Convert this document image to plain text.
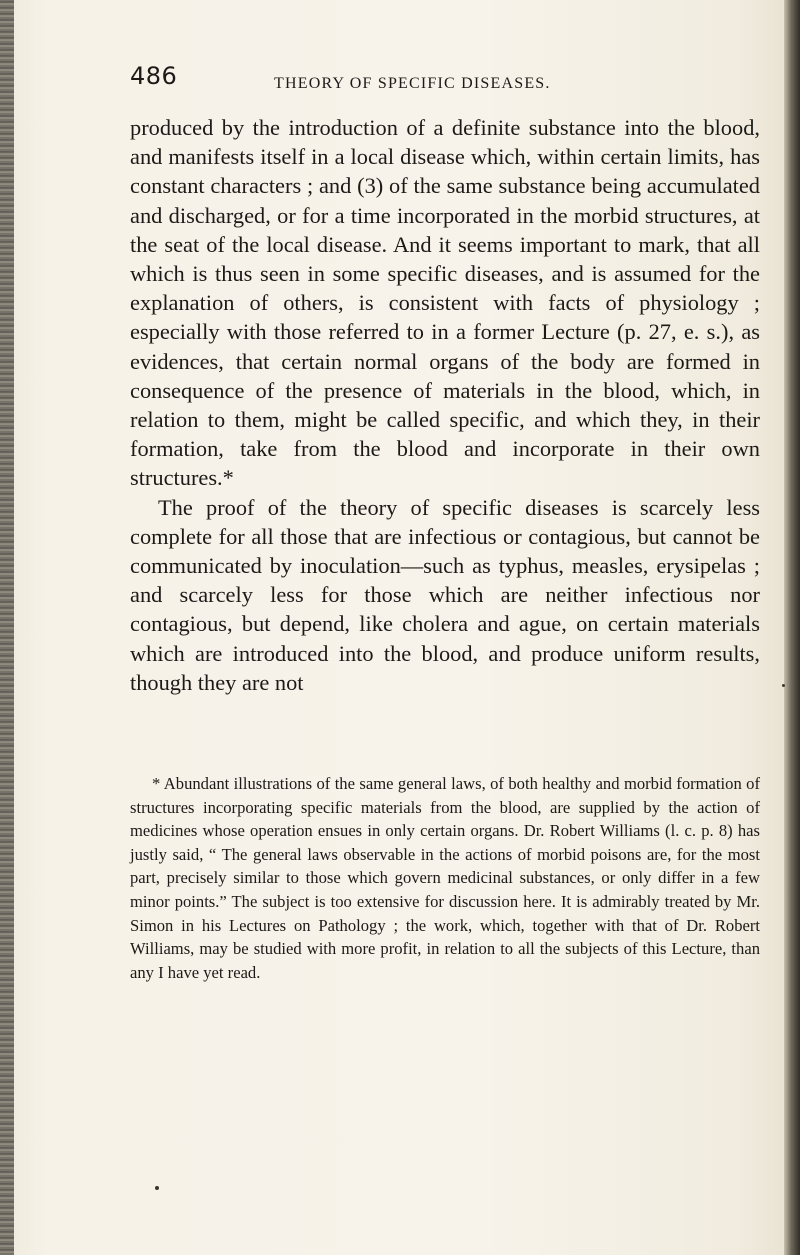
486	THEORY OF SPECIFIC DISEASES.

produced by the introduction of a definite substance into the blood, and manifests itself in a local disease which, within certain limits, has constant characters ; and (3) of the same substance being accumulated and discharged, or for a time incorporated in the morbid structures, at the seat of the local disease. And it seems important to mark, that all which is thus seen in some specific diseases, and is assumed for the explanation of others, is consistent with facts of physiology ; especially with those referred to in a former Lecture (p. 27, e. s.), as evidences, that certain normal organs of the body are formed in consequence of the presence of materials in the blood, which, in relation to them, might be called specific, and which they, in their formation, take from the blood and incorporate in their own structures.*

The proof of the theory of specific diseases is scarcely less complete for all those that are infectious or contagious, but cannot be communicated by inoculation—such as typhus, measles, erysipelas ; and scarcely less for those which are neither infectious nor contagious, but depend, like cholera and ague, on certain materials which are introduced into the blood, and produce uniform results, though they are not

* Abundant illustrations of the same general laws, of both healthy and morbid formation of structures incorporating specific materials from the blood, are supplied by the action of medicines whose operation ensues in only certain organs. Dr. Robert Williams (l. c. p. 8) has justly said, “ The general laws observable in the actions of morbid poisons are, for the most part, precisely similar to those which govern medicinal substances, or only differ in a few minor points.” The subject is too extensive for discussion here. It is admirably treated by Mr. Simon in his Lectures on Pathology ; the work, which, together with that of Dr. Robert Williams, may be studied with more profit, in relation to all the subjects of this Lecture, than any I have yet read.
